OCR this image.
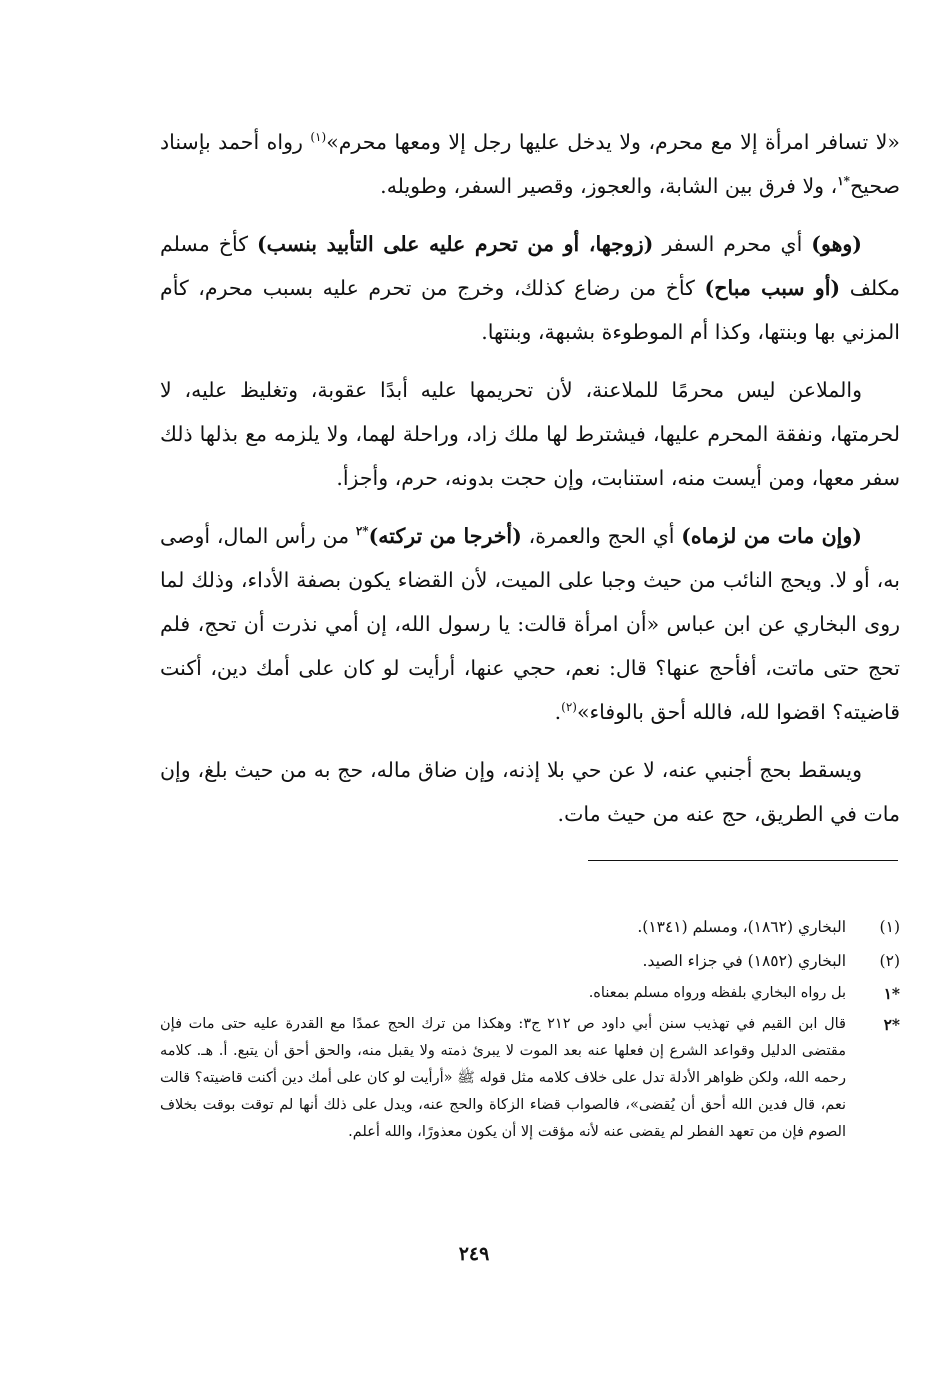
«لا تسافر امرأة إلا مع محرم، ولا يدخل عليها رجل إلا ومعها محرم»$^{(١)}$ رواه أحمد بإسناد صحيح$^{*١}$، ولا فرق بين الشابة، والعجوز، وقصير السفر، وطويله.

(وهو) أي محرم السفر (زوجها، أو من تحرم عليه على التأبيد بنسب) كأخ مسلم مكلف (أو سبب مباح) كأخ من رضاع كذلك، وخرج من تحرم عليه بسبب محرم، كأم المزني بها وبنتها، وكذا أم الموطوءة بشبهة، وبنتها.

والملاعن ليس محرمًا للملاعنة، لأن تحريمها عليه أبدًا عقوبة، وتغليظ عليه، لا لحرمتها، ونفقة المحرم عليها، فيشترط لها ملك زاد، وراحلة لهما، ولا يلزمه مع بذلها ذلك سفر معها، ومن أيست منه، استنابت، وإن حجت بدونه، حرم، وأجزأ.

(وإن مات من لزماه) أي الحج والعمرة، (أخرجا من تركته)$^{*٢}$ من رأس المال، أوصى به، أو لا. ويحج النائب من حيث وجبا على الميت، لأن القضاء يكون بصفة الأداء، وذلك لما روى البخاري عن ابن عباس «أن امرأة قالت: يا رسول الله، إن أمي نذرت أن تحج، فلم تحج حتى ماتت، أفأحج عنها؟ قال: نعم، حجي عنها، أرأيت لو كان على أمك دين، أكنت قاضيته؟ اقضوا لله، فالله أحق بالوفاء»$^{(٢)}$.

ويسقط بحج أجنبي عنه، لا عن حي بلا إذنه، وإن ضاق ماله، حج به من حيث بلغ، وإن مات في الطريق، حج عنه من حيث مات.

(١)
البخاري (١٨٦٢)، ومسلم (١٣٤١).
(٢)
البخاري (١٨٥٢) في جزاء الصيد.
*١
بل رواه البخاري بلفظه ورواه مسلم بمعناه.
*٢
قال ابن القيم في تهذيب سنن أبي داود ص ٢١٢ ج٣: وهكذا من ترك الحج عمدًا مع القدرة عليه حتى مات فإن مقتضى الدليل وقواعد الشرع إن فعلها عنه بعد الموت لا يبرئ ذمته ولا يقبل منه، والحق أحق أن يتبع. أ. هـ. كلامه رحمه الله، ولكن ظواهر الأدلة تدل على خلاف كلامه مثل قوله ﷺ «أرأيت لو كان على أمك دين أكنت قاضيته؟ قالت نعم، قال فدين الله أحق أن يُقضى»، فالصواب قضاء الزكاة والحج عنه، ويدل على ذلك أنها لم توقت بوقت بخلاف الصوم فإن من تعهد الفطر لم يقضى عنه لأنه مؤقت إلا أن يكون معذورًا، والله أعلم.
٢٤٩
